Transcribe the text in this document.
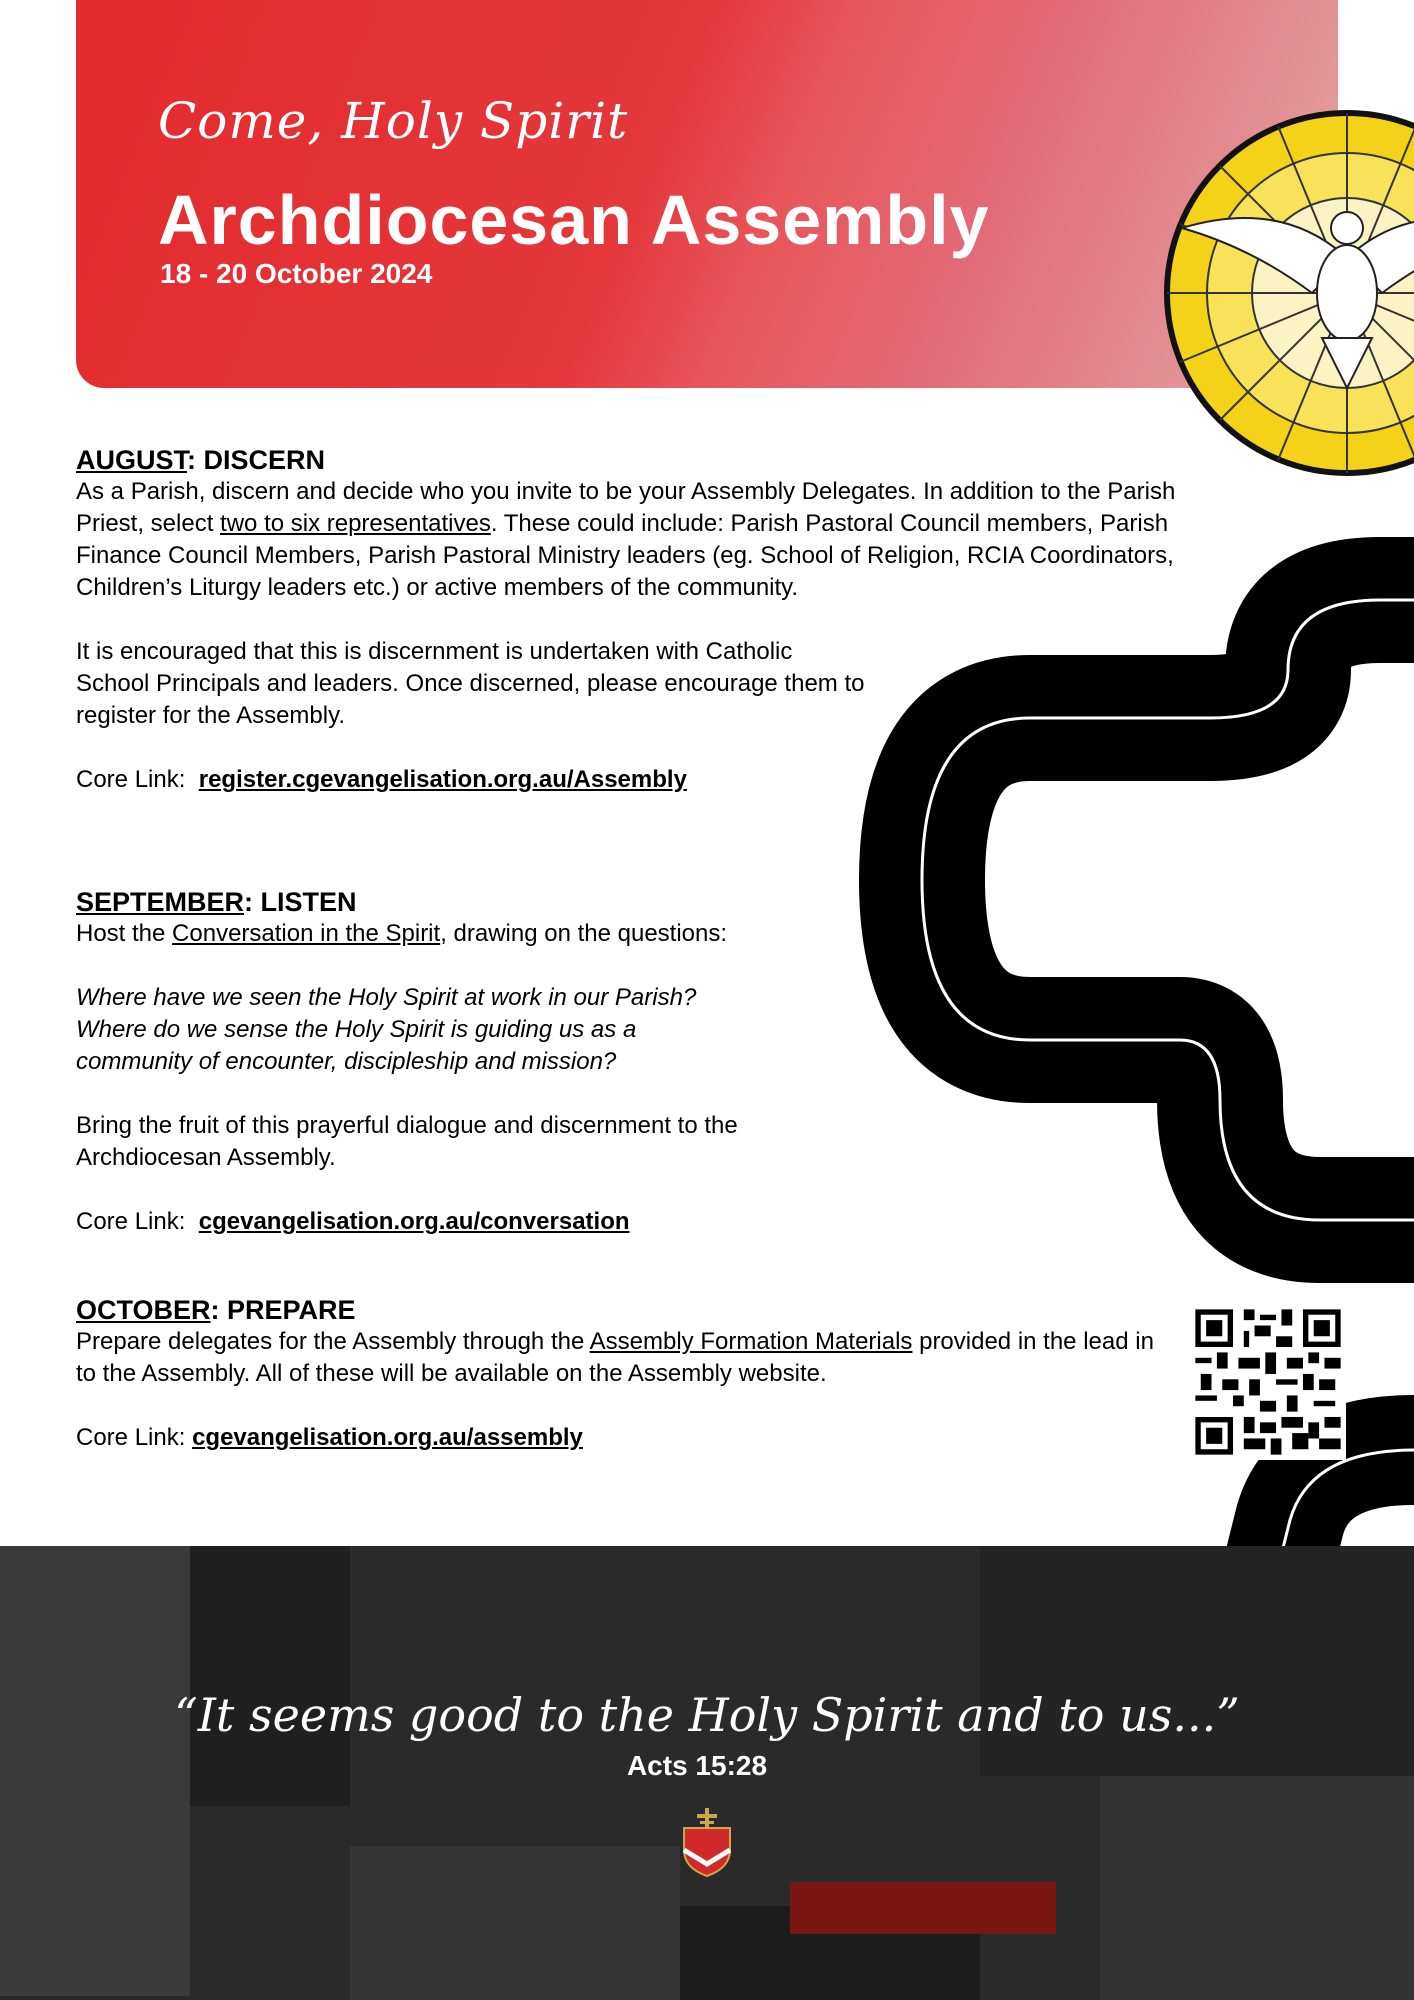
Come, Holy Spirit
Archdiocesan Assembly
18 - 20 October 2024
AUGUST: DISCERN

As a Parish, discern and decide who you invite to be your Assembly Delegates. In addition to the Parish Priest, select two to six representatives. These could include: Parish Pastoral Council members, Parish Finance Council Members, Parish Pastoral Ministry leaders (eg. School of Religion, RCIA Coordinators, Children’s Liturgy leaders etc.) or active members of the community.

It is encouraged that this is discernment is undertaken with Catholic School Principals and leaders. Once discerned, please encourage them to register for the Assembly.

Core Link: register.cgevangelisation.org.au/Assembly

SEPTEMBER: LISTEN

Host the Conversation in the Spirit, drawing on the questions:

Where have we seen the Holy Spirit at work in our Parish?

Where do we sense the Holy Spirit is guiding us as a

community of encounter, discipleship and mission?

Bring the fruit of this prayerful dialogue and discernment to the Archdiocesan Assembly.

Core Link: cgevangelisation.org.au/conversation

OCTOBER: PREPARE

Prepare delegates for the Assembly through the Assembly Formation Materials provided in the lead in to the Assembly. All of these will be available on the Assembly website.

Core Link: cgevangelisation.org.au/assembly

“It seems good to the Holy Spirit and to us...”
Acts 15:28
